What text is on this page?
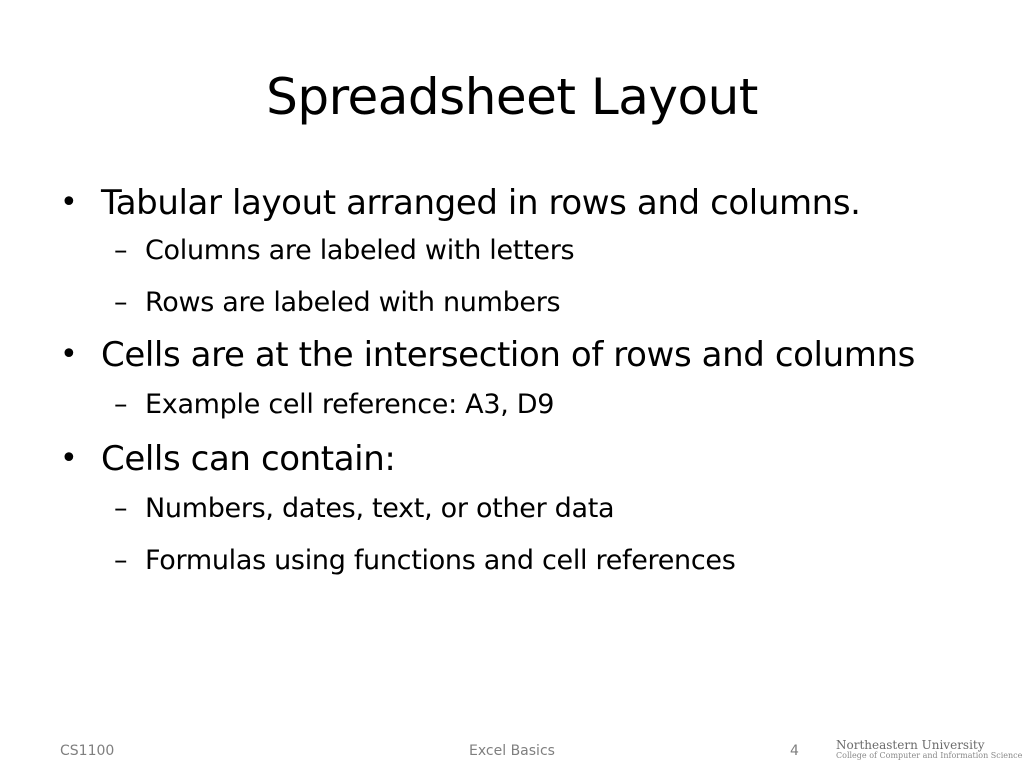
Spreadsheet Layout
• Tabular layout arranged in rows and columns.
– Columns are labeled with letters
– Rows are labeled with numbers
• Cells are at the intersection of rows and columns
– Example cell reference: A3, D9
• Cells can contain:
– Numbers, dates, text, or other data
– Formulas using functions and cell references
CS1100	Excel Basics	4	Northeastern University
College of Computer and Information Science
